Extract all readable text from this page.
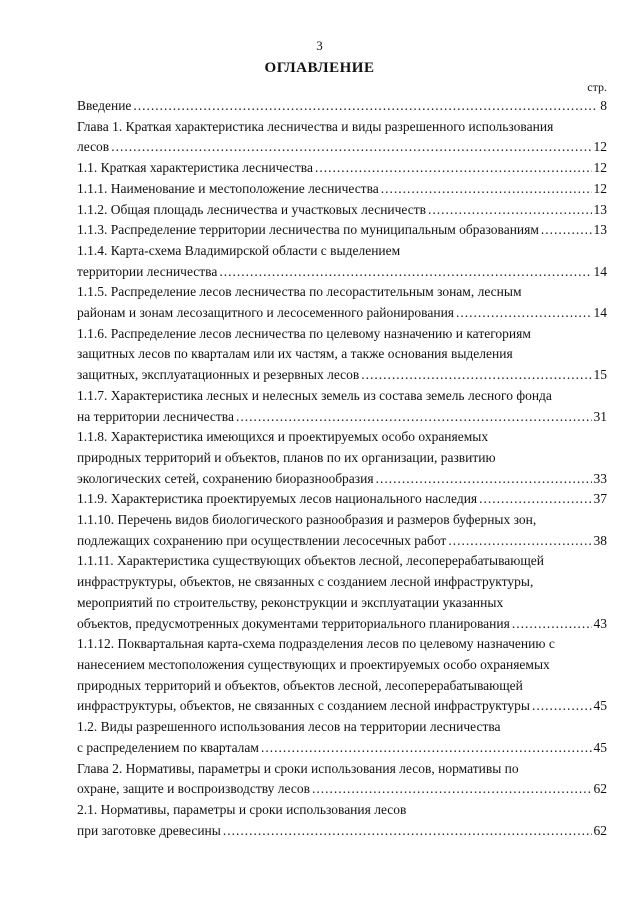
3
ОГЛАВЛЕНИЕ
стр.
Введение .....	8
Глава 1. Краткая характеристика лесничества и виды разрешенного использования
лесов .....	12
1.1. Краткая характеристика лесничества .....	12
1.1.1. Наименование и местоположение лесничества .....	12
1.1.2. Общая площадь лесничества и участковых лесничеств .....	13
1.1.3. Распределение территории лесничества по муниципальным образованиям .....	13
1.1.4. Карта-схема Владимирской области с выделением
территории лесничества .....	14
1.1.5. Распределение лесов лесничества по лесорастительным зонам, лесным
районам и зонам лесозащитного и лесосеменного районирования .....	14
1.1.6. Распределение лесов лесничества по целевому назначению и категориям
защитных лесов по кварталам или их частям, а также основания выделения
защитных, эксплуатационных и резервных лесов .....	15
1.1.7. Характеристика лесных и нелесных земель из состава земель лесного фонда
на территории лесничества .....	31
1.1.8. Характеристика имеющихся и проектируемых особо охраняемых
природных территорий и объектов, планов по их организации, развитию
экологических сетей, сохранению биоразнообразия .....	33
1.1.9. Характеристика проектируемых лесов национального наследия .....	37
1.1.10. Перечень видов биологического разнообразия и размеров буферных зон,
подлежащих сохранению при осуществлении лесосечных работ .....	38
1.1.11. Характеристика существующих объектов лесной, лесоперерабатывающей
инфраструктуры, объектов, не связанных с созданием лесной инфраструктуры,
мероприятий по строительству, реконструкции и эксплуатации указанных
объектов, предусмотренных документами территориального планирования .....	43
1.1.12. Поквартальная карта-схема подразделения лесов по целевому назначению с
нанесением местоположения существующих и проектируемых особо охраняемых
природных территорий и объектов, объектов лесной, лесоперерабатывающей
инфраструктуры, объектов, не связанных с созданием лесной инфраструктуры .....	45
1.2. Виды разрешенного использования лесов на территории лесничества
с распределением по кварталам .....	45
Глава 2. Нормативы, параметры и сроки использования лесов, нормативы по
охране, защите и воспроизводству лесов .....	62
2.1. Нормативы, параметры и сроки использования лесов
при заготовке древесины .....	62
